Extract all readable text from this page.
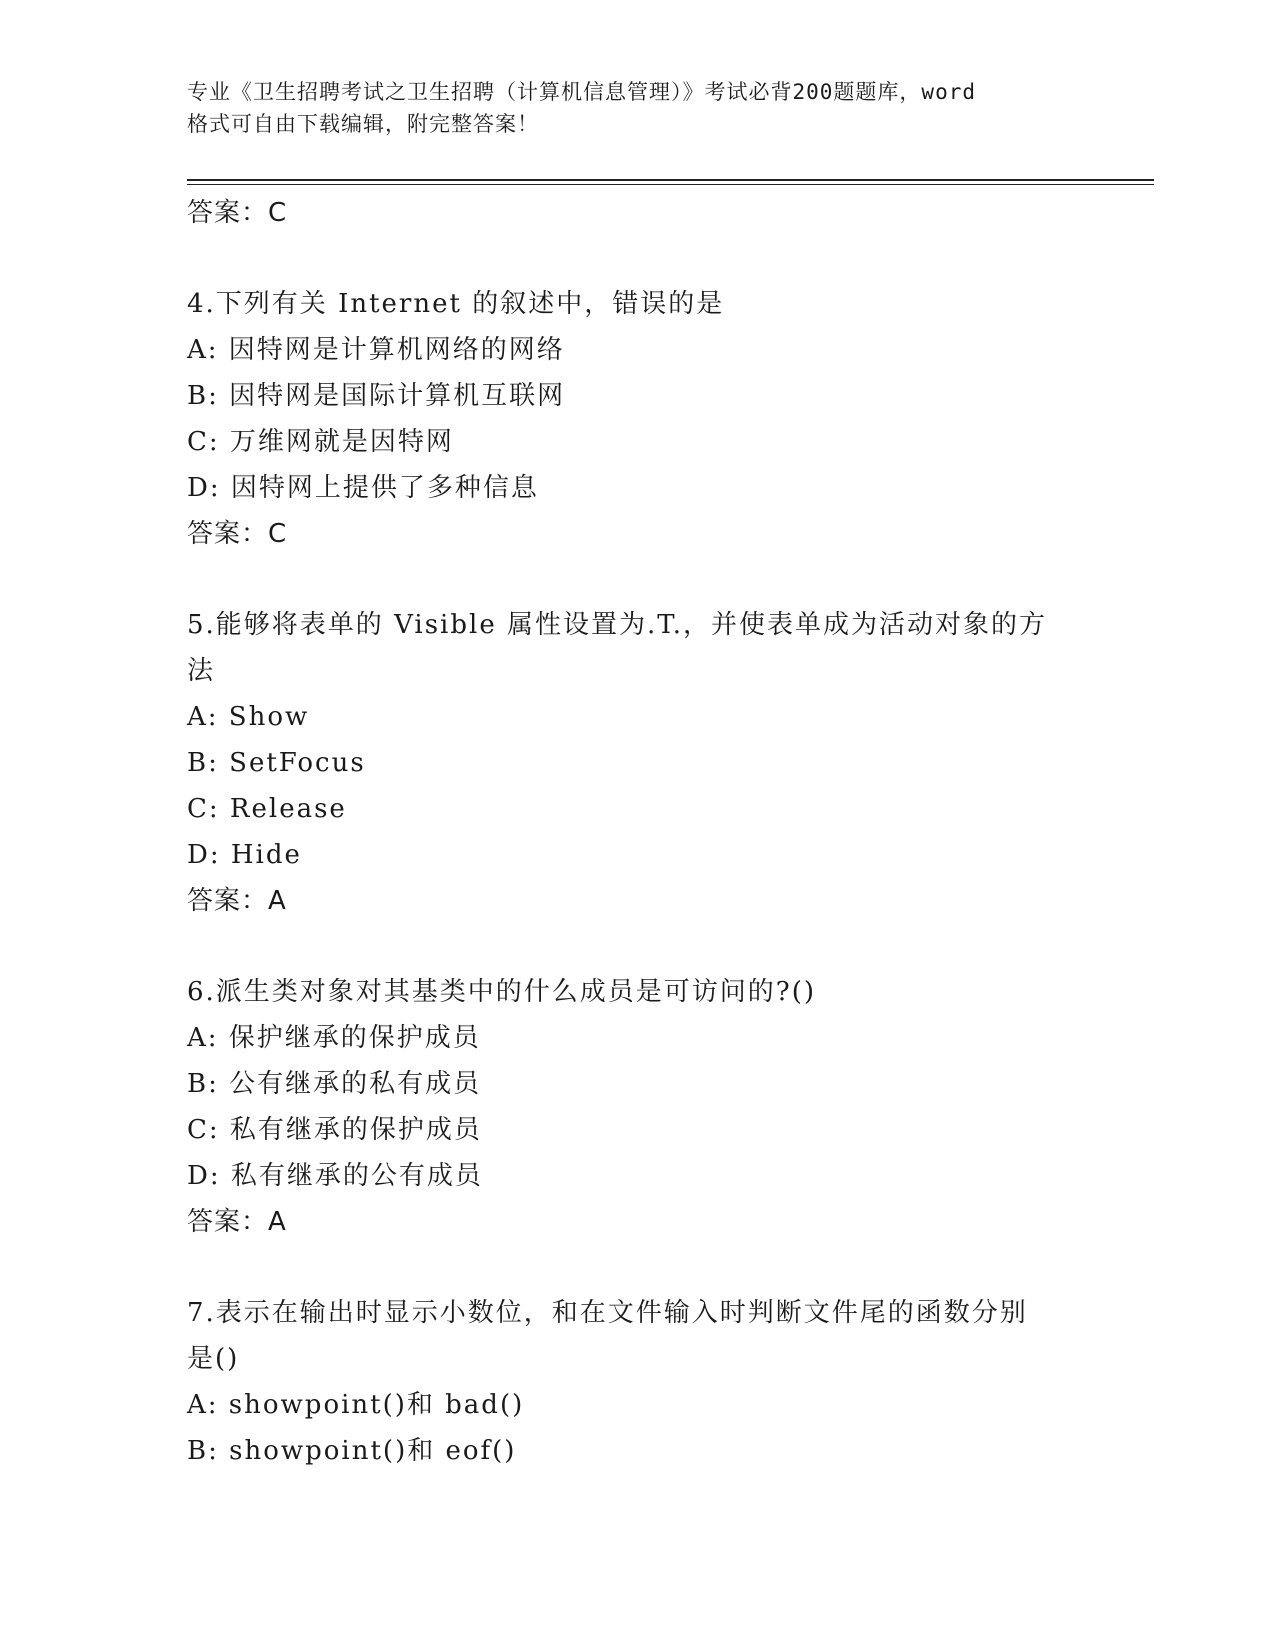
专业《卫生招聘考试之卫生招聘（计算机信息管理）》考试必背200题题库，word
格式可自由下载编辑，附完整答案！
答案：C
4.下列有关 Internet 的叙述中，错误的是
A: 因特网是计算机网络的网络
B: 因特网是国际计算机互联网
C: 万维网就是因特网
D: 因特网上提供了多种信息
答案：C
5.能够将表单的 Visible 属性设置为.T.，并使表单成为活动对象的方
法
A: Show
B: SetFocus
C: Release
D: Hide
答案：A
6.派生类对象对其基类中的什么成员是可访问的?()
A: 保护继承的保护成员
B: 公有继承的私有成员
C: 私有继承的保护成员
D: 私有继承的公有成员
答案：A
7.表示在输出时显示小数位，和在文件输入时判断文件尾的函数分别
是()
A: showpoint()和 bad()
B: showpoint()和 eof()
